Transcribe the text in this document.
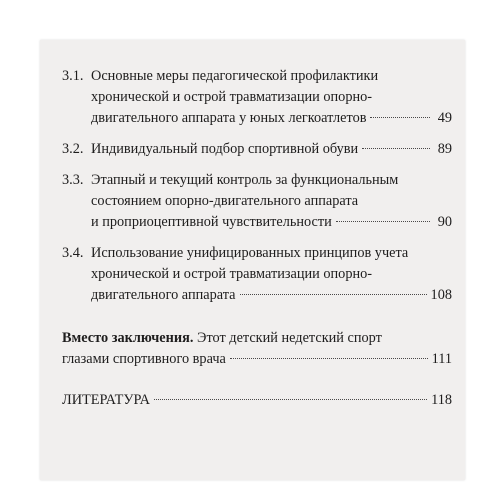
3.1. Основные меры педагогической профилактики
хронической и острой травматизации опорно-
двигательного аппарата у юных легкоатлетов	49
3.2. Индивидуальный подбор спортивной обуви	89
3.3. Этапный и текущий контроль за функциональным
состоянием опорно-двигательного аппарата
и проприоцептивной чувствительности	90
3.4. Использование унифицированных принципов учета
хронической и острой травматизации опорно-
двигательного аппарата	108
Вместо заключения. Этот детский недетский спорт
глазами спортивного врача	111
ЛИТЕРАТУРА	118
